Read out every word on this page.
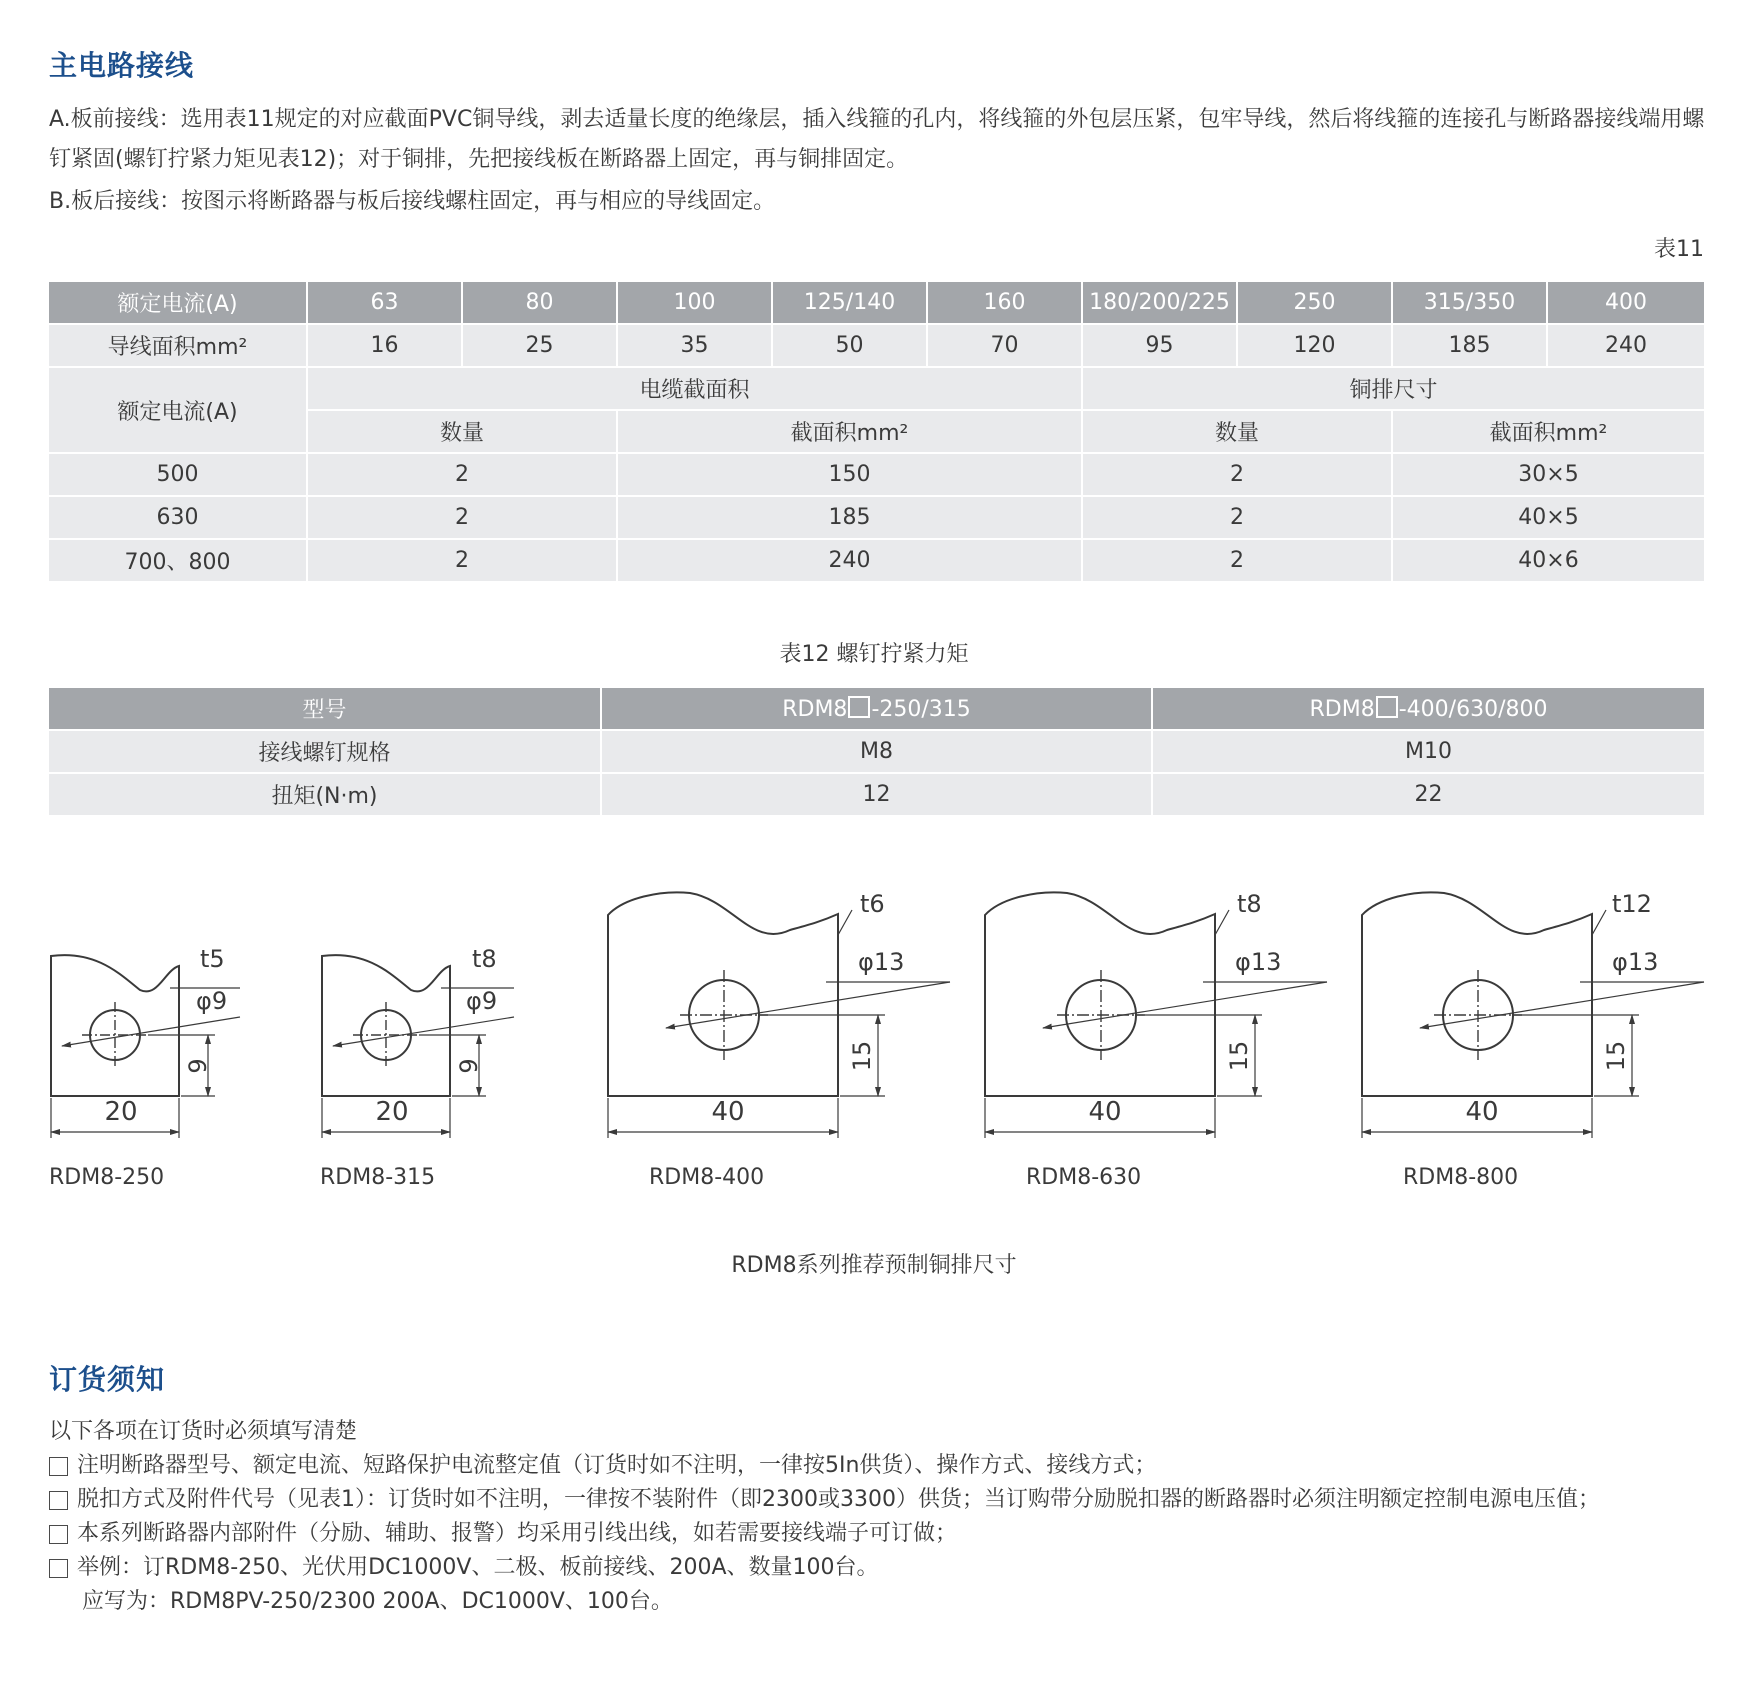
主电路接线

A.板前接线：选用表11规定的对应截面PVC铜导线，剥去适量长度的绝缘层，插入线箍的孔内，将线箍的外包层压紧，包牢导线，然后将线箍的连接孔与断路器接线端用螺钉紧固(螺钉拧紧力矩见表12)；对于铜排，先把接线板在断路器上固定，再与铜排固定。

B.板后接线：按图示将断路器与板后接线螺柱固定，再与相应的导线固定。

表11
额定电流(A)	63	80	100	125/140	160	180/200/225	250	315/350	400
导线面积mm²	16	25	35	50	70	95	120	185	240
额定电流(A)	电缆截面积					铜排尺寸			
	数量		截面积mm²			数量		截面积mm²	
500	2		150			2		30×5	
630	2		185			2		40×5	
700、800	2		240			2		40×6	
表12 螺钉拧紧力矩
型号	RDM8 -250/315	RDM8 -400/630/800
接线螺钉规格	M8	M10
扭矩(N·m)	12	22
t5
φ9
9
20
RDM8-250
t8
φ9
9
20
RDM8-315
t6
φ13
15
40
RDM8-400
t8
φ13
15
40
RDM8-630
t12
φ13
15
40
RDM8-800
RDM8系列推荐预制铜排尺寸
订货须知
以下各项在订货时必须填写清楚
注明断路器型号、额定电流、短路保护电流整定值（订货时如不注明，一律按5In供货）、操作方式、接线方式；
脱扣方式及附件代号（见表1）：订货时如不注明，一律按不装附件（即2300或3300）供货；当订购带分励脱扣器的断路器时必须注明额定控制电源电压值；
本系列断路器内部附件（分励、辅助、报警）均采用引线出线，如若需要接线端子可订做；
举例：订RDM8-250、光伏用DC1000V、二极、板前接线、200A、数量100台。
应写为：RDM8PV-250/2300 200A、DC1000V、100台。
